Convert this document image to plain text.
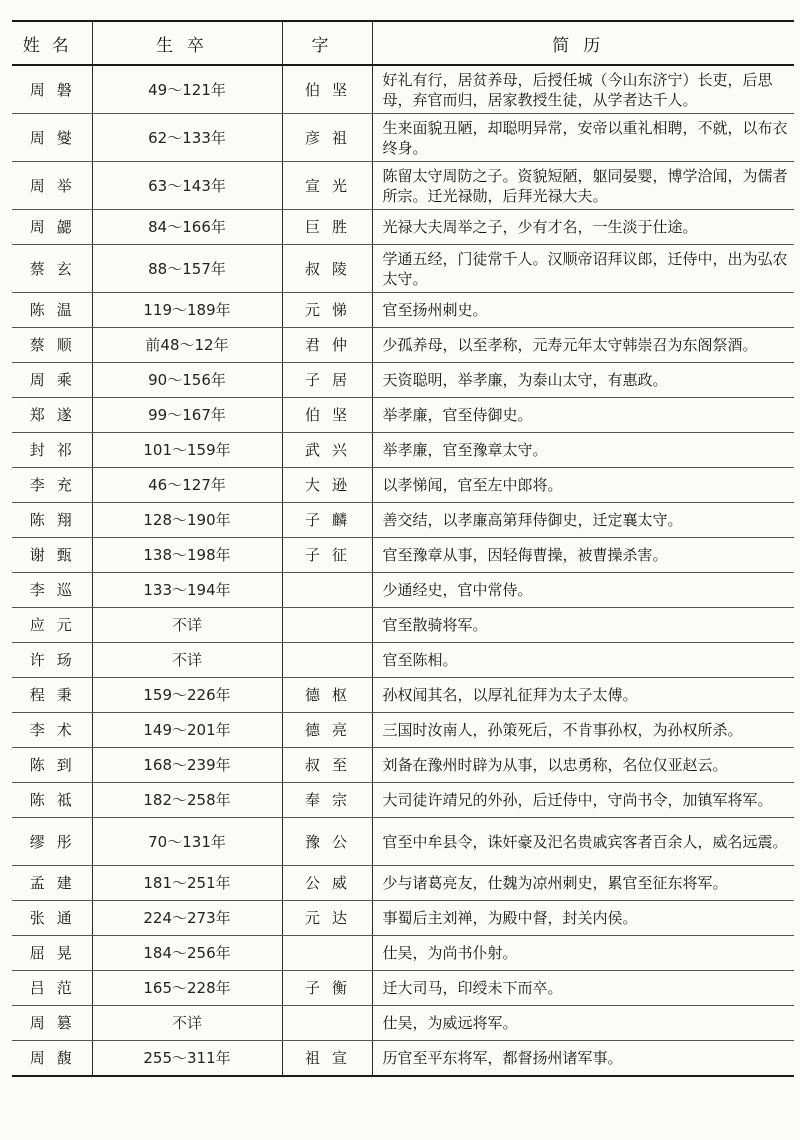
姓名	生卒	字	简历
周磐	49～121年	伯坚	好礼有行，居贫养母，后授任城（今山东济宁）长吏，后思母，弃官而归，居家教授生徒，从学者达千人。
周燮	62～133年	彦祖	生来面貌丑陋，却聪明异常，安帝以重礼相聘，不就，以布衣终身。
周举	63～143年	宣光	陈留太守周防之子。资貌短陋，躯同晏婴，博学洽闻，为儒者所宗。迁光禄勋，后拜光禄大夫。
周勰	84～166年	巨胜	光禄大夫周举之子，少有才名，一生淡于仕途。
蔡玄	88～157年	叔陵	学通五经，门徒常千人。汉顺帝诏拜议郎，迁侍中，出为弘农太守。
陈温	119～189年	元悌	官至扬州刺史。
蔡顺	前48～12年	君仲	少孤养母，以至孝称，元寿元年太守韩崇召为东阁祭酒。
周乘	90～156年	子居	天资聪明，举孝廉，为泰山太守，有惠政。
郑遂	99～167年	伯坚	举孝廉，官至侍御史。
封祁	101～159年	武兴	举孝廉，官至豫章太守。
李充	46～127年	大逊	以孝悌闻，官至左中郎将。
陈翔	128～190年	子麟	善交结，以孝廉高第拜侍御史，迁定襄太守。
谢甄	138～198年	子征	官至豫章从事，因轻侮曹操，被曹操杀害。
李巡	133～194年		少通经史，官中常侍。
应元	不详		官至散骑将军。
许玚	不详		官至陈相。
程秉	159～226年	德枢	孙权闻其名，以厚礼征拜为太子太傅。
李术	149～201年	德亮	三国时汝南人，孙策死后，不肯事孙权，为孙权所杀。
陈到	168～239年	叔至	刘备在豫州时辟为从事，以忠勇称，名位仅亚赵云。
陈祗	182～258年	奉宗	大司徒许靖兄的外孙，后迁侍中，守尚书令，加镇军将军。
缪彤	70～131年	豫公	官至中牟县令，诛奸豪及汜名贵戚宾客者百余人，威名远震。
孟建	181～251年	公威	少与诸葛亮友，仕魏为凉州刺史，累官至征东将军。
张通	224～273年	元达	事蜀后主刘禅，为殿中督，封关内侯。
屈晃	184～256年		仕吴，为尚书仆射。
吕范	165～228年	子衡	迁大司马，印绶未下而卒。
周篡	不详		仕吴，为威远将军。
周馥	255～311年	祖宣	历官至平东将军，都督扬州诸军事。
